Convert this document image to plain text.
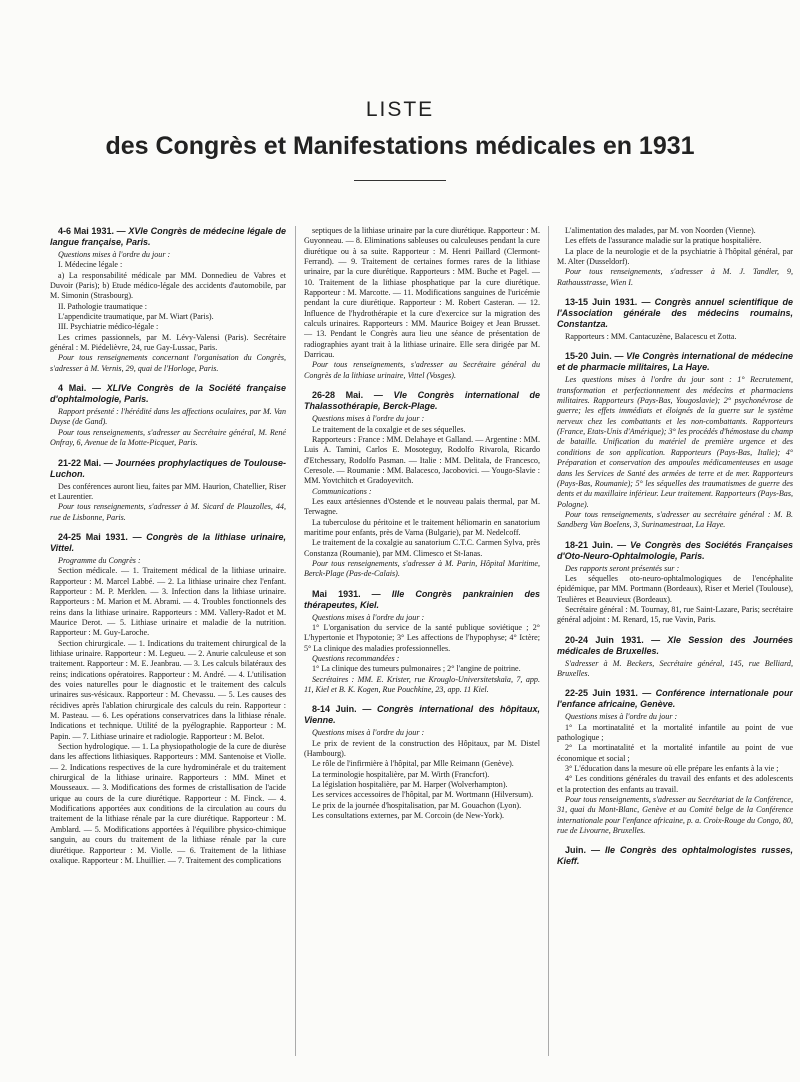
LISTE
des Congrès et Manifestations médicales en 1931
4-6 Mai 1931. — XVIe Congrès de médecine légale de langue française, Paris.

Questions mises à l'ordre du jour :

I. Médecine légale :

a) La responsabilité médicale par MM. Donnedieu de Vabres et Duvoir (Paris); b) Etude médico-légale des accidents d'automobile, par M. Simonin (Strasbourg).

II. Pathologie traumatique :

L'appendicite traumatique, par M. Wiart (Paris).

III. Psychiatrie médico-légale :

Les crimes passionnels, par M. Lévy-Valensi (Paris). Secrétaire général : M. Piédelièvre, 24, rue Gay-Lussac, Paris.

Pour tous renseignements concernant l'organisation du Congrès, s'adresser à M. Vernis, 29, quai de l'Horloge, Paris.

4 Mai. — XLIVe Congrès de la Société française d'ophtalmologie, Paris.

Rapport présenté : l'hérédité dans les affections oculaires, par M. Van Duyse (de Gand).

Pour tous renseignements, s'adresser au Secrétaire général, M. René Onfray, 6, Avenue de la Motte-Picquet, Paris.

21-22 Mai. — Journées prophylactiques de Toulouse-Luchon.

Des conférences auront lieu, faites par MM. Haurion, Chatellier, Riser et Laurentier.

Pour tous renseignements, s'adresser à M. Sicard de Plauzolles, 44, rue de Lisbonne, Paris.

24-25 Mai 1931. — Congrès de la lithiase urinaire, Vittel.

Programme du Congrès :

Section médicale. — 1. Traitement médical de la lithiase urinaire. Rapporteur : M. Marcel Labbé. — 2. La lithiase urinaire chez l'enfant. Rapporteur : M. P. Merklen. — 3. Infection dans la lithiase urinaire. Rapporteurs : M. Marion et M. Abrami. — 4. Troubles fonctionnels des reins dans la lithiase urinaire. Rapporteurs : MM. Vallery-Radot et M. Maurice Derot. — 5. Lithiase urinaire et maladie de la nutrition. Rapporteur : M. Guy-Laroche.

Section chirurgicale. — 1. Indications du traitement chirurgical de la lithiase urinaire. Rapporteur : M. Legueu. — 2. Anurie calculeuse et son traitement. Rapporteur : M. E. Jeanbrau. — 3. Les calculs bilatéraux des reins; indications opératoires. Rapporteur : M. André. — 4. L'utilisation des voies naturelles pour le diagnostic et le traitement des calculs urinaires sus-vésicaux. Rapporteur : M. Chevassu. — 5. Les causes des récidives après l'ablation chirurgicale des calculs du rein. Rapporteur : M. Pasteau. — 6. Les opérations conservatrices dans la lithiase rénale. Indications et technique. Utilité de la pyélographie. Rapporteur : M. Papin. — 7. Lithiase urinaire et radiologie. Rapporteur : M. Belot.

Section hydrologique. — 1. La physiopathologie de la cure de diurèse dans les affections lithiasiques. Rapporteurs : MM. Santenoise et Violle. — 2. Indications respectives de la cure hydrominérale et du traitement chirurgical de la lithiase urinaire. Rapporteurs : MM. Minet et Mousseaux. — 3. Modifications des formes de cristallisation de l'acide urique au cours de la cure diurétique. Rapporteur : M. Finck. — 4. Modifications apportées aux conditions de la circulation au cours du traitement de la lithiase rénale par la cure diurétique. Rapporteur : M. Amblard. — 5. Modifications apportées à l'équilibre physico-chimique sanguin, au cours du traitement de la lithiase rénale par la cure diurétique. Rapporteur : M. Violle. — 6. Traitement de la lithiase oxalique. Rapporteur : M. Lhuillier. — 7. Traitement des complications

septiques de la lithiase urinaire par la cure diurétique. Rapporteur : M. Guyonneau. — 8. Eliminations sableuses ou calculeuses pendant la cure diurétique ou à sa suite. Rapporteur : M. Henri Paillard (Clermont-Ferrand). — 9. Traitement de certaines formes rares de la lithiase urinaire, par la cure diurétique. Rapporteurs : MM. Buche et Pagel. — 10. Traitement de la lithiase phosphatique par la cure diurétique. Rapporteur : M. Marcotte. — 11. Modifications sanguines de l'uricémie pendant la cure diurétique. Rapporteur : M. Robert Casteran. — 12. Influence de l'hydrothérapie et la cure d'exercice sur la migration des calculs urinaires. Rapporteurs : MM. Maurice Boigey et Jean Brusset. — 13. Pendant le Congrès aura lieu une séance de présentation de radiographies ayant trait à la lithiase urinaire. Elle sera dirigée par M. Darricau.

Pour tous renseignements, s'adresser au Secrétaire général du Congrès de la lithiase urinaire, Vittel (Vosges).

26-28 Mai. — VIe Congrès international de Thalassothérapie, Berck-Plage.

Questions mises à l'ordre du jour :

Le traitement de la coxalgie et de ses séquelles.

Rapporteurs : France : MM. Delahaye et Galland. — Argentine : MM. Luis A. Tamini, Carlos E. Mosoteguy, Rodolfo Rivarola, Ricardo d'Etchessary, Rodolfo Pasman. — Italie : MM. Delitala, de Francesco, Ceresole. — Roumanie : MM. Balacesco, Jacobovici. — Yougo-Slavie : MM. Yovtchitch et Gradoyevitch.

Communications :

Les eaux artésiennes d'Ostende et le nouveau palais thermal, par M. Terwagne.

La tuberculose du péritoine et le traitement héliomarin en sanatorium maritime pour enfants, près de Varna (Bulgarie), par M. Nedelcoff.

Le traitement de la coxalgie au sanatorium C.T.C. Carmen Sylva, près Constanza (Roumanie), par MM. Climesco et St-Ianas.

Pour tous renseignements, s'adresser à M. Parin, Hôpital Maritime, Berck-Plage (Pas-de-Calais).

Mai 1931. — IIIe Congrès pankrainien des thérapeutes, Kiel.

Questions mises à l'ordre du jour :

1° L'organisation du service de la santé publique soviétique ; 2° L'hypertonie et l'hypotonie; 3° Les affections de l'hypophyse; 4° Ictère; 5° La clinique des maladies professionnelles.

Questions recommandées :

1° La clinique des tumeurs pulmonaires ; 2° l'angine de poitrine.

Secrétaires : MM. E. Krister, rue Krouglo-Universitetskaïa, 7, app. 11, Kiel et B. K. Kogen, Rue Pouchkine, 23, app. 11 Kiel.

8-14 Juin. — Congrès international des hôpitaux, Vienne.

Questions mises à l'ordre du jour :

Le prix de revient de la construction des Hôpitaux, par M. Distel (Hambourg).

Le rôle de l'infirmière à l'hôpital, par Mlle Reimann (Genève).

La terminologie hospitalière, par M. Wirth (Francfort).

La législation hospitalière, par M. Harper (Wolverhampton).

Les services accessoires de l'hôpital, par M. Wortmann (Hilversum).

Le prix de la journée d'hospitalisation, par M. Gouachon (Lyon).

Les consultations externes, par M. Corcoin (de New-York).

L'alimentation des malades, par M. von Noorden (Vienne).

Les effets de l'assurance maladie sur la pratique hospitalière.

La place de la neurologie et de la psychiatrie à l'hôpital général, par M. Alter (Dusseldorf).

Pour tous renseignements, s'adresser à M. J. Tandler, 9, Rathausstrasse, Wien I.

13-15 Juin 1931. — Congrès annuel scientifique de l'Association générale des médecins roumains, Constantza.

Rapporteurs : MM. Cantacuzène, Balacescu et Zotta.

15-20 Juin. — VIe Congrès international de médecine et de pharmacie militaires, La Haye.

Les questions mises à l'ordre du jour sont : 1° Recrutement, transformation et perfectionnement des médecins et pharmaciens militaires. Rapporteurs (Pays-Bas, Yougoslavie); 2° psychonévrose de guerre; les effets immédiats et éloignés de la guerre sur le système nerveux chez les combattants et les non-combattants. Rapporteurs (France, Etats-Unis d'Amérique); 3° les procédés d'hémostase du champ de bataille. Unification du matériel de première urgence et des conditions de son application. Rapporteurs (Pays-Bas, Italie); 4° Préparation et conservation des ampoules médicamenteuses en usage dans les Services de Santé des armées de terre et de mer. Rapporteurs (Pays-Bas, Roumanie); 5° les séquelles des traumatismes de guerre des dents et du maxillaire inférieur. Leur traitement. Rapporteurs (Pays-Bas, Pologne).

Pour tous renseignements, s'adresser au secrétaire général : M. B. Sandberg Van Boelens, 3, Surinamestraat, La Haye.

18-21 Juin. — Ve Congrès des Sociétés Françaises d'Oto-Neuro-Ophtalmologie, Paris.

Des rapports seront présentés sur :

Les séquelles oto-neuro-ophtalmologiques de l'encéphalite épidémique, par MM. Portmann (Bordeaux), Riser et Meriel (Toulouse), Teulières et Beauvieux (Bordeaux).

Secrétaire général : M. Tournay, 81, rue Saint-Lazare, Paris; secrétaire général adjoint : M. Renard, 15, rue Vavin, Paris.

20-24 Juin 1931. — XIe Session des Journées médicales de Bruxelles.

S'adresser à M. Beckers, Secrétaire général, 145, rue Belliard, Bruxelles.

22-25 Juin 1931. — Conférence internationale pour l'enfance africaine, Genève.

Questions mises à l'ordre du jour :

1° La mortinatalité et la mortalité infantile au point de vue pathologique ;

2° La mortinatalité et la mortalité infantile au point de vue économique et social ;

3° L'éducation dans la mesure où elle prépare les enfants à la vie ;

4° Les conditions générales du travail des enfants et des adolescents et la protection des enfants au travail.

Pour tous renseignements, s'adresser au Secrétariat de la Conférence, 31, quai du Mont-Blanc, Genève et au Comité belge de la Conférence internationale pour l'enfance africaine, p. a. Croix-Rouge du Congo, 80, rue de Livourne, Bruxelles.

Juin. — IIe Congrès des ophtalmologistes russes, Kieff.
